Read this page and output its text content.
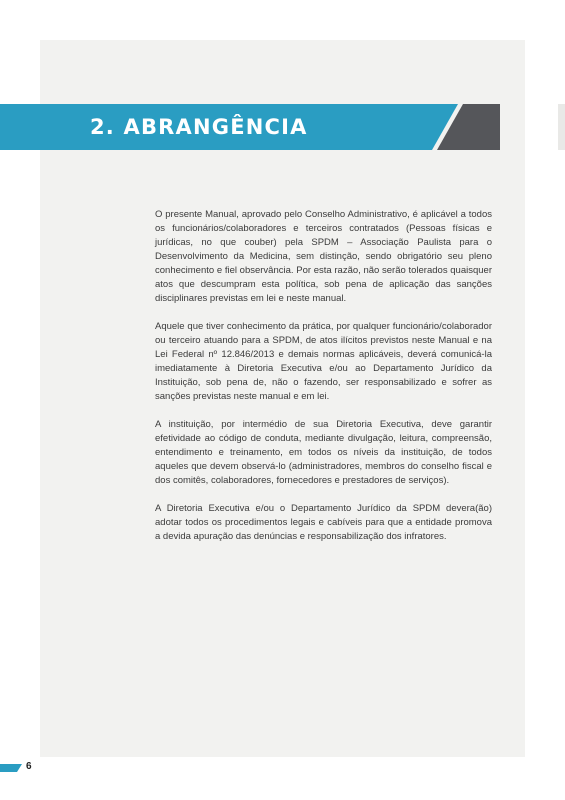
2. ABRANGÊNCIA

O presente Manual, aprovado pelo Conselho Administrativo, é aplicável a todos os funcionários/colaboradores e terceiros contratados (Pessoas físicas e jurídicas, no que couber) pela SPDM – Associação Paulista para o Desenvolvimento da Medicina, sem distinção, sendo obrigatório seu pleno conhecimento e fiel observância. Por esta razão, não serão tolerados quaisquer atos que descumpram esta política, sob pena de aplicação das sanções disciplinares previstas em lei e neste manual.

Aquele que tiver conhecimento da prática, por qualquer funcionário/colaborador ou terceiro atuando para a SPDM, de atos ilícitos previstos neste Manual e na Lei Federal nº 12.846/2013 e demais normas aplicáveis, deverá comunicá-la imediatamente à Diretoria Executiva e/ou ao Departamento Jurídico da Instituição, sob pena de, não o fazendo, ser responsabilizado e sofrer as sanções previstas neste manual e em lei.

A instituição, por intermédio de sua Diretoria Executiva, deve garantir efetividade ao código de conduta, mediante divulgação, leitura, compreensão, entendimento e treinamento, em todos os níveis da instituição, de todos aqueles que devem observá-lo (administradores, membros do conselho fiscal e dos comitês, colaboradores, fornecedores e prestadores de serviços).

A Diretoria Executiva e/ou o Departamento Jurídico da SPDM devera(ão) adotar todos os procedimentos legais e cabíveis para que a entidade promova a devida apuração das denúncias e responsabilização dos infratores.

6
